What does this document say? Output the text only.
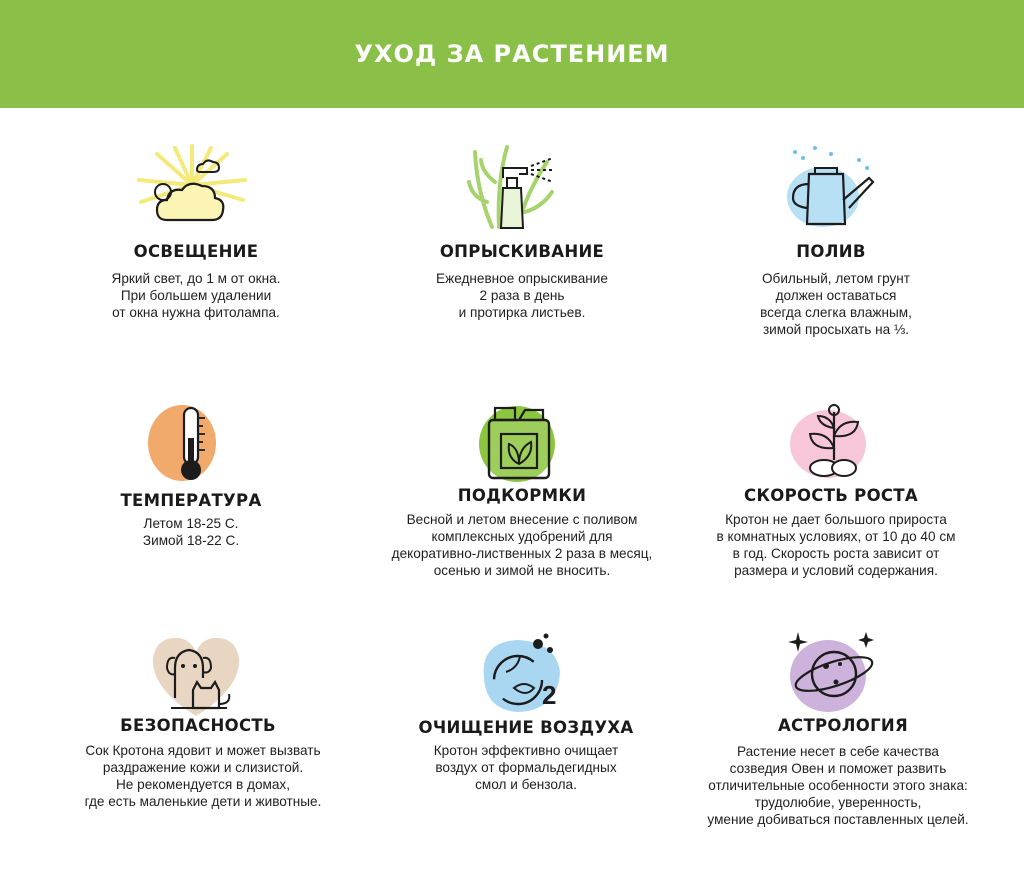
УХОД ЗА РАСТЕНИЕМ
ОСВЕЩЕНИЕ
Яркий свет, до 1 м от окна.
При большем удалении
от окна нужна фитолампа.
ОПРЫСКИВАНИЕ
Ежедневное опрыскивание
2 раза в день
и протирка листьев.
ПОЛИВ
Обильный, летом грунт
должен оставаться
всегда слегка влажным,
зимой просыхать на ⅓.
ТЕМПЕРАТУРА
Летом 18-25 С.
Зимой 18-22 С.
ПОДКОРМКИ
Весной и летом внесение с поливом
комплексных удобрений для
декоративно-лиственных 2 раза в месяц,
осенью и зимой не вносить.
СКОРОСТЬ РОСТА
Кротон не дает большого прироста
в комнатных условиях, от 10 до 40 см
в год. Скорость роста зависит от
размера и условий содержания.
БЕЗОПАСНОСТЬ
Сок Кротона ядовит и может вызвать
раздражение кожи и слизистой.
Не рекомендуется в домах,
где есть маленькие дети и животные.
2
ОЧИЩЕНИЕ ВОЗДУХА
Кротон эффективно очищает
воздух от формальдегидных
смол и бензола.
АСТРОЛОГИЯ
Растение несет в себе качества
созведия Овен и поможет развить
отличительные особенности этого знака:
трудолюбие, уверенность,
умение добиваться поставленных целей.
